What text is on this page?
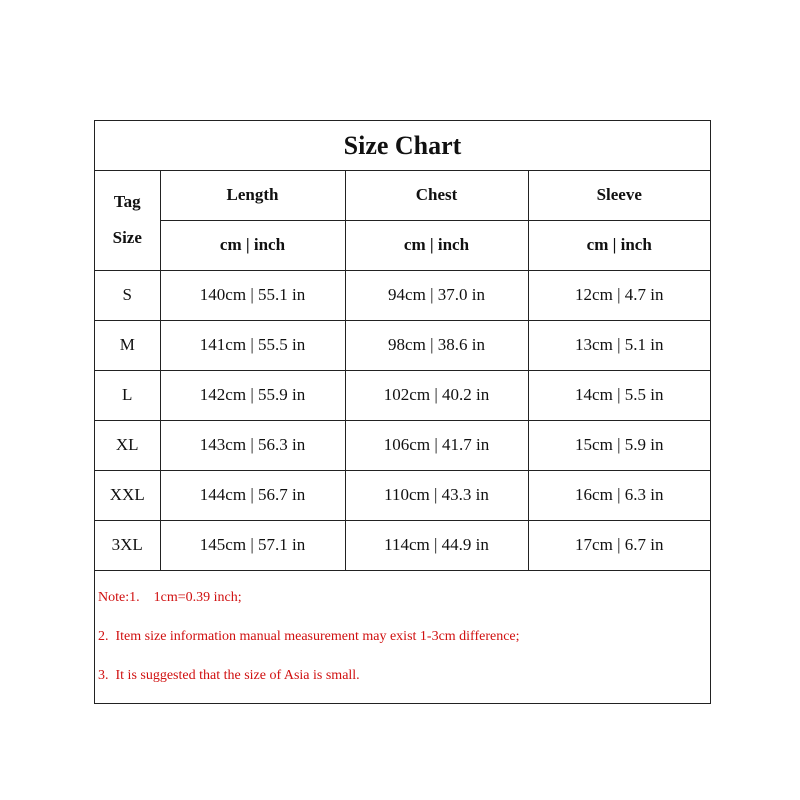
Size Chart
Tag
Size	Length	Chest	Sleeve
	cm | inch	cm | inch	cm | inch
S	140cm | 55.1 in	94cm | 37.0 in	12cm | 4.7 in
M	141cm | 55.5 in	98cm | 38.6 in	13cm | 5.1 in
L	142cm | 55.9 in	102cm | 40.2 in	14cm | 5.5 in
XL	143cm | 56.3 in	106cm | 41.7 in	15cm | 5.9 in
XXL	144cm | 56.7 in	110cm | 43.3 in	16cm | 6.3 in
3XL	145cm | 57.1 in	114cm | 44.9 in	17cm | 6.7 in
Note:1.    1cm=0.39 inch;
2.  Item size information manual measurement may exist 1-3cm difference;
3.  It is suggested that the size of Asia is small.
